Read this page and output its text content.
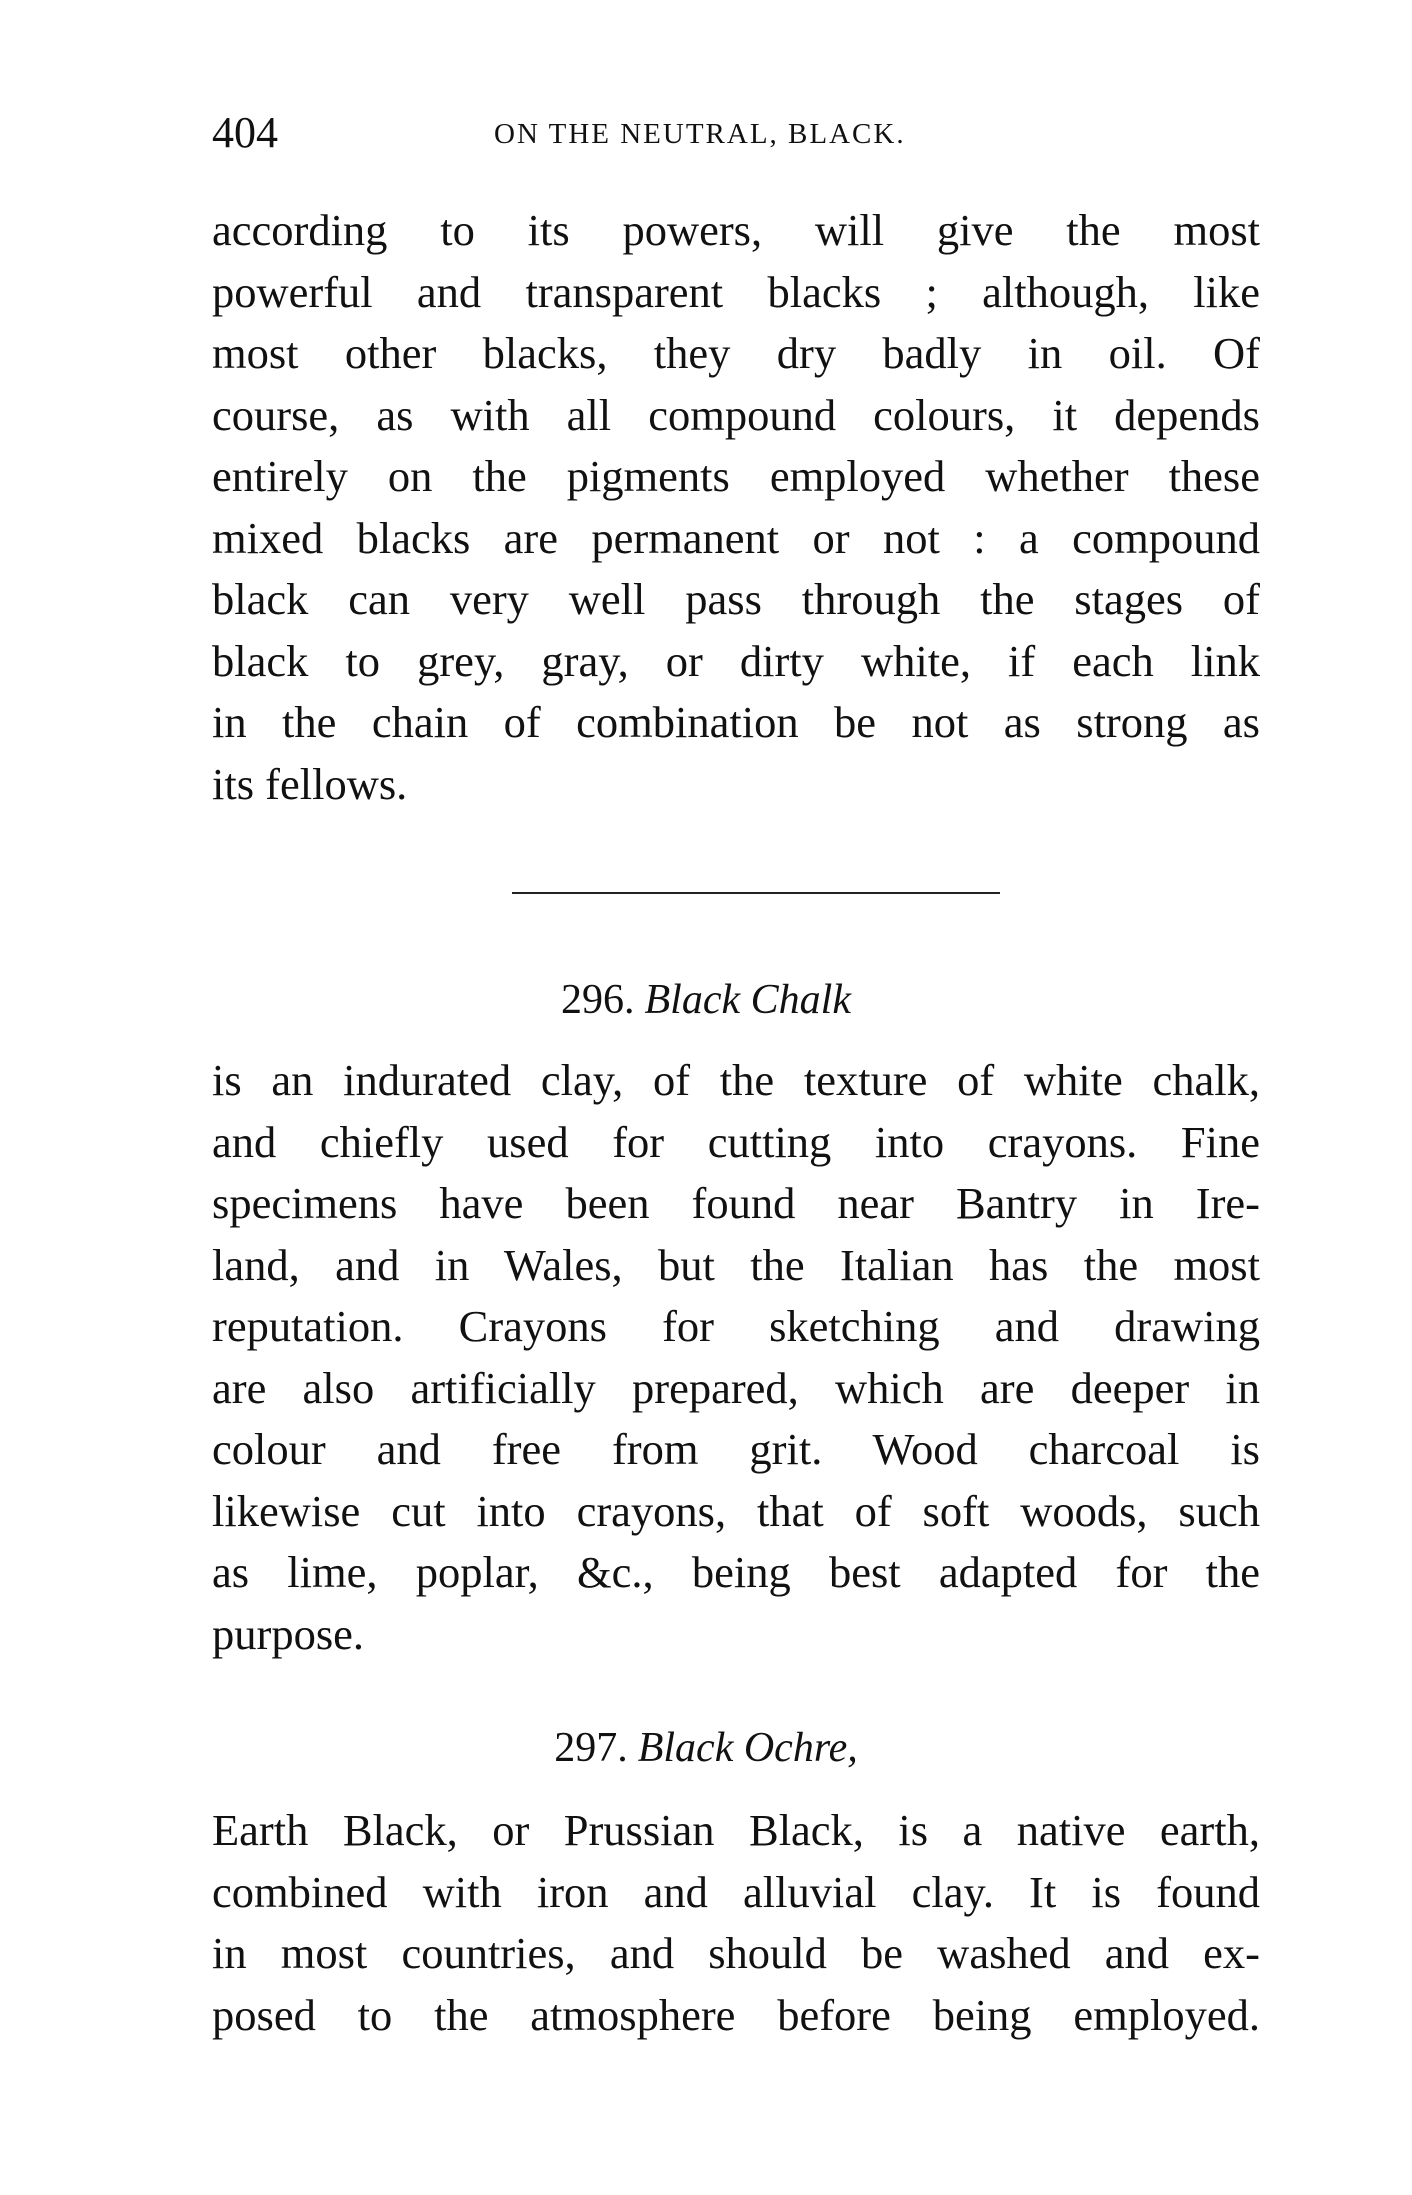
404	ON THE NEUTRAL, BLACK.

according to its powers, will give the most
powerful and transparent blacks ; although, like
most other blacks, they dry badly in oil. Of
course, as with all compound colours, it depends
entirely on the pigments employed whether these
mixed blacks are permanent or not : a compound
black can very well pass through the stages of
black to grey, gray, or dirty white, if each link
in the chain of combination be not as strong as
its fellows.

296. Black Chalk

is an indurated clay, of the texture of white chalk,
and chiefly used for cutting into crayons. Fine
specimens have been found near Bantry in Ire-
land, and in Wales, but the Italian has the most
reputation. Crayons for sketching and drawing
are also artificially prepared, which are deeper in
colour and free from grit. Wood charcoal is
likewise cut into crayons, that of soft woods, such
as lime, poplar, &c., being best adapted for the
purpose.

297. Black Ochre,

Earth Black, or Prussian Black, is a native earth,
combined with iron and alluvial clay. It is found
in most countries, and should be washed and ex-
posed to the atmosphere before being employed.
